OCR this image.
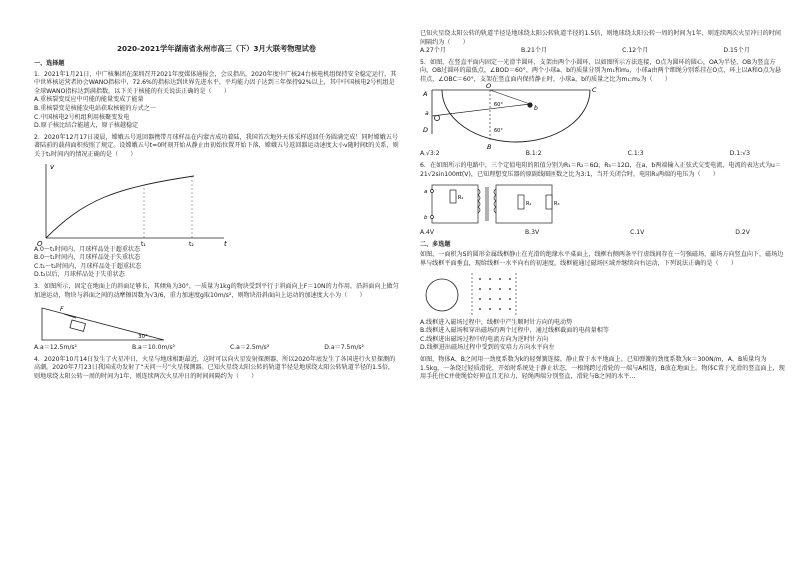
2020-2021学年湖南省永州市高三（下）3月大联考物理试卷

一、选择题

1．2021年1月21日，中广核集团在深圳召开2021年度媒体通报会，会议指出，2020年度中广核24台核电机组保持安全稳定运行，其中世界核运营者协会WANO指标中，72.6%的指标达到世界先进水平，平均能力因子达到三年保持92%以上，其中中国核电2号机组是全球WANO指标达到满指数。以下关于核能的有关说法正确的是（　　）

A.重核裂变反应中可能的能量变成了能量

B.重核裂变是核能发电站获取核能的方式之一

C.中国核电2号机组利用核聚变发电

D.原子核比结合能越大，原子核越稳定

2．2020年12月17日凌晨，嫦娥五号返回器携带月球样品在内蒙古成功着陆，我国首次地外天体采样返回任务圆满完成！同时嫦娥五号著陆前的载荷面积按照了规定。设嫦娥五号t=0时刻开始从静止由初始位置开始下落，嫦娥五号返回器运动速度大小v随时间t的关系，则关于t₁时间内的情况正确的是（　　）

v
t
O	t₁	t₂

A.0～t₁时间内，月球样品处于超重状态

B.0～t₁时间内，月球样品处于失重状态

C.t₁～t₂时间内，月球样品处于超重状态

D.t₂以后，月球样品处于失重状态

3．如图所示，固定在地面上的斜面足够长，其倾角为30°，一质量为1kg的物块受到平行于斜面向上F＝10N的力作用，沿斜面向上做匀加速运动，物块与斜面之间的动摩擦因数为√3/6，重力加速度g取10m/s²，则物块沿斜面向上运动的加速度大小为（　　）

F
30°
A.a＝12.5m/s²	B.a＝10.0m/s²	C.a＝2.5m/s²	D.a＝7.5m/s²

4．2020年10月14日发生了火星冲日，火星与地球相距最近，这时可以向火星发射探测器，所以2020年底发生了各国进行火星探测的高潮。2020年7月23日我国成功发射了“天问一号”火星探测器。已知火星绕太阳公转的轨道半径是地球绕太阳公转轨道半径的1.5倍，则地球绕太阳公转一周的时间为1年，则连续两次火星冲日的时间间隔约为（　　）

已知火星绕太阳公转的轨道半径是地球绕太阳公转轨道半径的1.5倍，则地球绕太阳公转一周的时间为1年，则连续两次火星冲日的时间间隔约为（　　）

A.27个月	B.21个月	C.12个月	D.15个月

5．如图，在竖直平面内固定一光滑半圆环，支架由两个小圆环，以如图所示方法连接，O点为圆环的圆心，OA为半径，OB为竖直方向，OB过圆环的最低点，∠BOD＝60°，两个小球a、b的质量分别为m₁和m₂，小球a由两个细绳分别系挂在O点，环上以A和O点为悬挂点，∠OBC＝60°，支架在竖直面内保持静止时，小球a、b的质量之比为m₁:m₂为（　　）

A
O	C
D
B
a
b
60°
60°
A.√3:2	B.1:2	C.1:3	D.1:√3

6．在如图所示的电路中，三个定值电阻的阻值分别为R₁＝R₂＝6Ω，R₃＝12Ω，在a、b两端输入正弦式交变电流，电流的表达式为u＝21√2sin100πt(V)，已知理想变压器的原副线圈匝数之比为3:1，当开关闭合时，电阻R₃两端的电压为（　　）

a
b
R₁
R₂	R₃
A.4V	B.3V	C.1V	D.2V

二、多选题

如图，一面积为S的圆形金属线框静止在光滑的绝缘水平桌面上，线框右侧两条平行虚线间存在一匀强磁场，磁场方向竖直向下，磁场边界与线框平面垂直，现给线框一水平向右的初速度，线框能通过磁场区域并继续向右运动，下列说法正确的是（　　）

A.线框进入磁场过程中，线框中产生顺时针方向的电动势

B.线框进入磁场和穿出磁场的两个过程中，通过线框截面的电荷量相等

C.线框进出磁场过程中的电流方向为逆时针方向

D.线框进出磁场过程中受到的安培力方向水平向左

如图，物体A、B之间用一劲度系数为k的轻弹簧连接，静止置于水平地面上。已知弹簧的劲度系数为k＝300N/m，A、B质量均为1.5kg，一条绕过轻质滑轮，开始时系统处于静止状态，一根绳跨过滑轮的一端与A相连，B放在地面上。物体C置于光滑的竖直面上，现用手托住C并使绳恰好伸直且无拉力，轻绳两端分别竖直，滑轮与B之间的水平...
